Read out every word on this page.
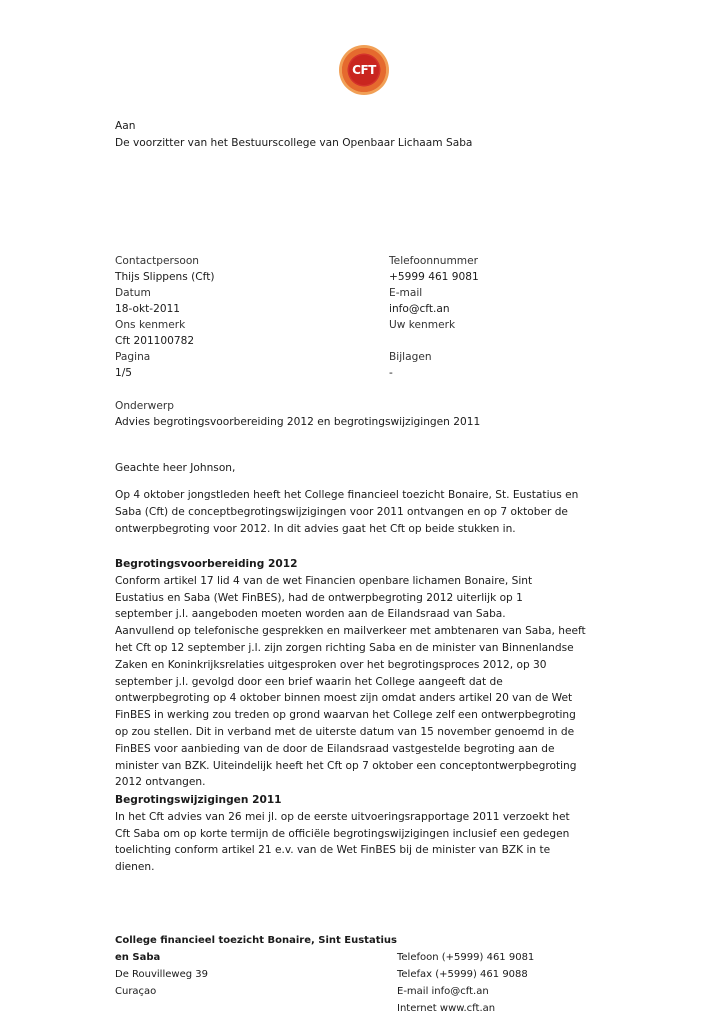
CFT
Aan
De voorzitter van het Bestuurscollege van Openbaar Lichaam Saba
Contactpersoon
Thijs Slippens (Cft)
Datum
18-okt-2011
Ons kenmerk
Cft 201100782
Pagina
1/5
Telefoonnummer
+5999 461 9081
E-mail
info@cft.an
Uw kenmerk
Bijlagen
-
Onderwerp
Advies begrotingsvoorbereiding 2012 en begrotingswijzigingen 2011
Geachte heer Johnson,
Op 4 oktober jongstleden heeft het College financieel toezicht Bonaire, St. Eustatius en
Saba (Cft) de conceptbegrotingswijzigingen voor 2011 ontvangen en op 7 oktober de
ontwerpbegroting voor 2012. In dit advies gaat het Cft op beide stukken in.
Begrotingsvoorbereiding 2012
Conform artikel 17 lid 4 van de wet Financien openbare lichamen Bonaire, Sint
Eustatius en Saba (Wet FinBES), had de ontwerpbegroting 2012 uiterlijk op 1
september j.l. aangeboden moeten worden aan de Eilandsraad van Saba.
Aanvullend op telefonische gesprekken en mailverkeer met ambtenaren van Saba, heeft
het Cft op 12 september j.l. zijn zorgen richting Saba en de minister van Binnenlandse
Zaken en Koninkrijksrelaties uitgesproken over het begrotingsproces 2012, op 30
september j.l. gevolgd door een brief waarin het College aangeeft dat de
ontwerpbegroting op 4 oktober binnen moest zijn omdat anders artikel 20 van de Wet
FinBES in werking zou treden op grond waarvan het College zelf een ontwerpbegroting
op zou stellen. Dit in verband met de uiterste datum van 15 november genoemd in de
FinBES voor aanbieding van de door de Eilandsraad vastgestelde begroting aan de
minister van BZK. Uiteindelijk heeft het Cft op 7 oktober een conceptontwerpbegroting
2012 ontvangen.
Begrotingswijzigingen 2011
In het Cft advies van 26 mei jl. op de eerste uitvoeringsrapportage 2011 verzoekt het
Cft Saba om op korte termijn de officiële begrotingswijzigingen inclusief een gedegen
toelichting conform artikel 21 e.v. van de Wet FinBES bij de minister van BZK in te
dienen.
College financieel toezicht Bonaire, Sint Eustatius
en Saba
De Rouvilleweg 39
Curaçao
Telefoon (+5999) 461 9081
Telefax (+5999) 461 9088
E-mail info@cft.an
Internet www.cft.an
